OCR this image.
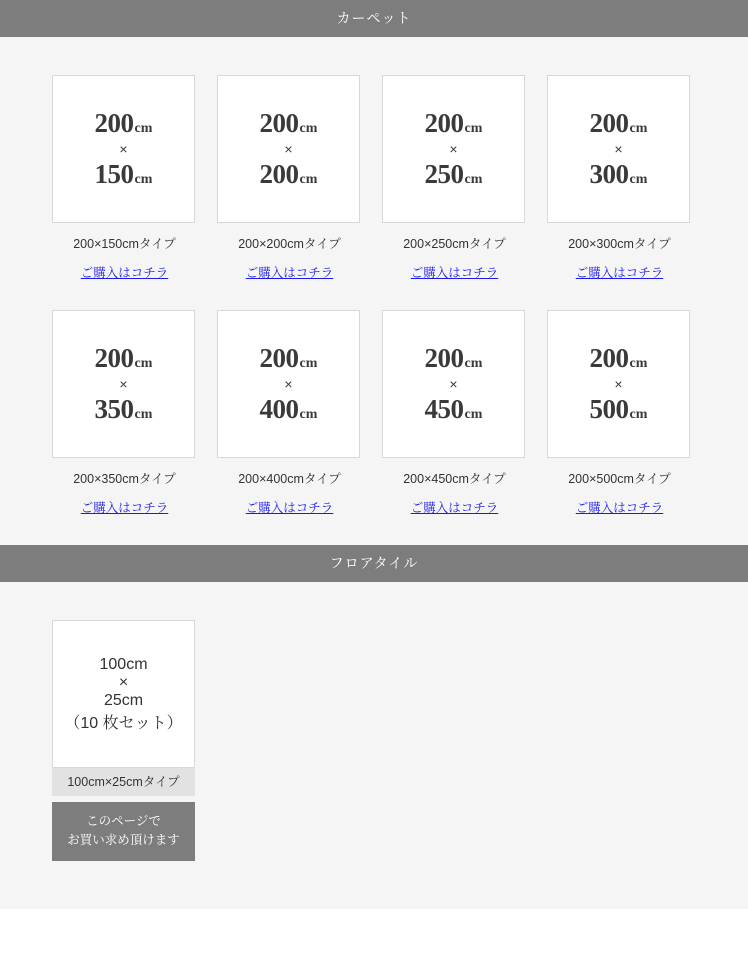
カーペット
200cm
×
150cm
200×150cmタイプ
ご購入はコチラ
200cm
×
200cm
200×200cmタイプ
ご購入はコチラ
200cm
×
250cm
200×250cmタイプ
ご購入はコチラ
200cm
×
300cm
200×300cmタイプ
ご購入はコチラ
200cm
×
350cm
200×350cmタイプ
ご購入はコチラ
200cm
×
400cm
200×400cmタイプ
ご購入はコチラ
200cm
×
450cm
200×450cmタイプ
ご購入はコチラ
200cm
×
500cm
200×500cmタイプ
ご購入はコチラ
フロアタイル
100cm
×
25cm
（10 枚セット）
100cm×25cmタイプ
このページで
お買い求め頂けます
